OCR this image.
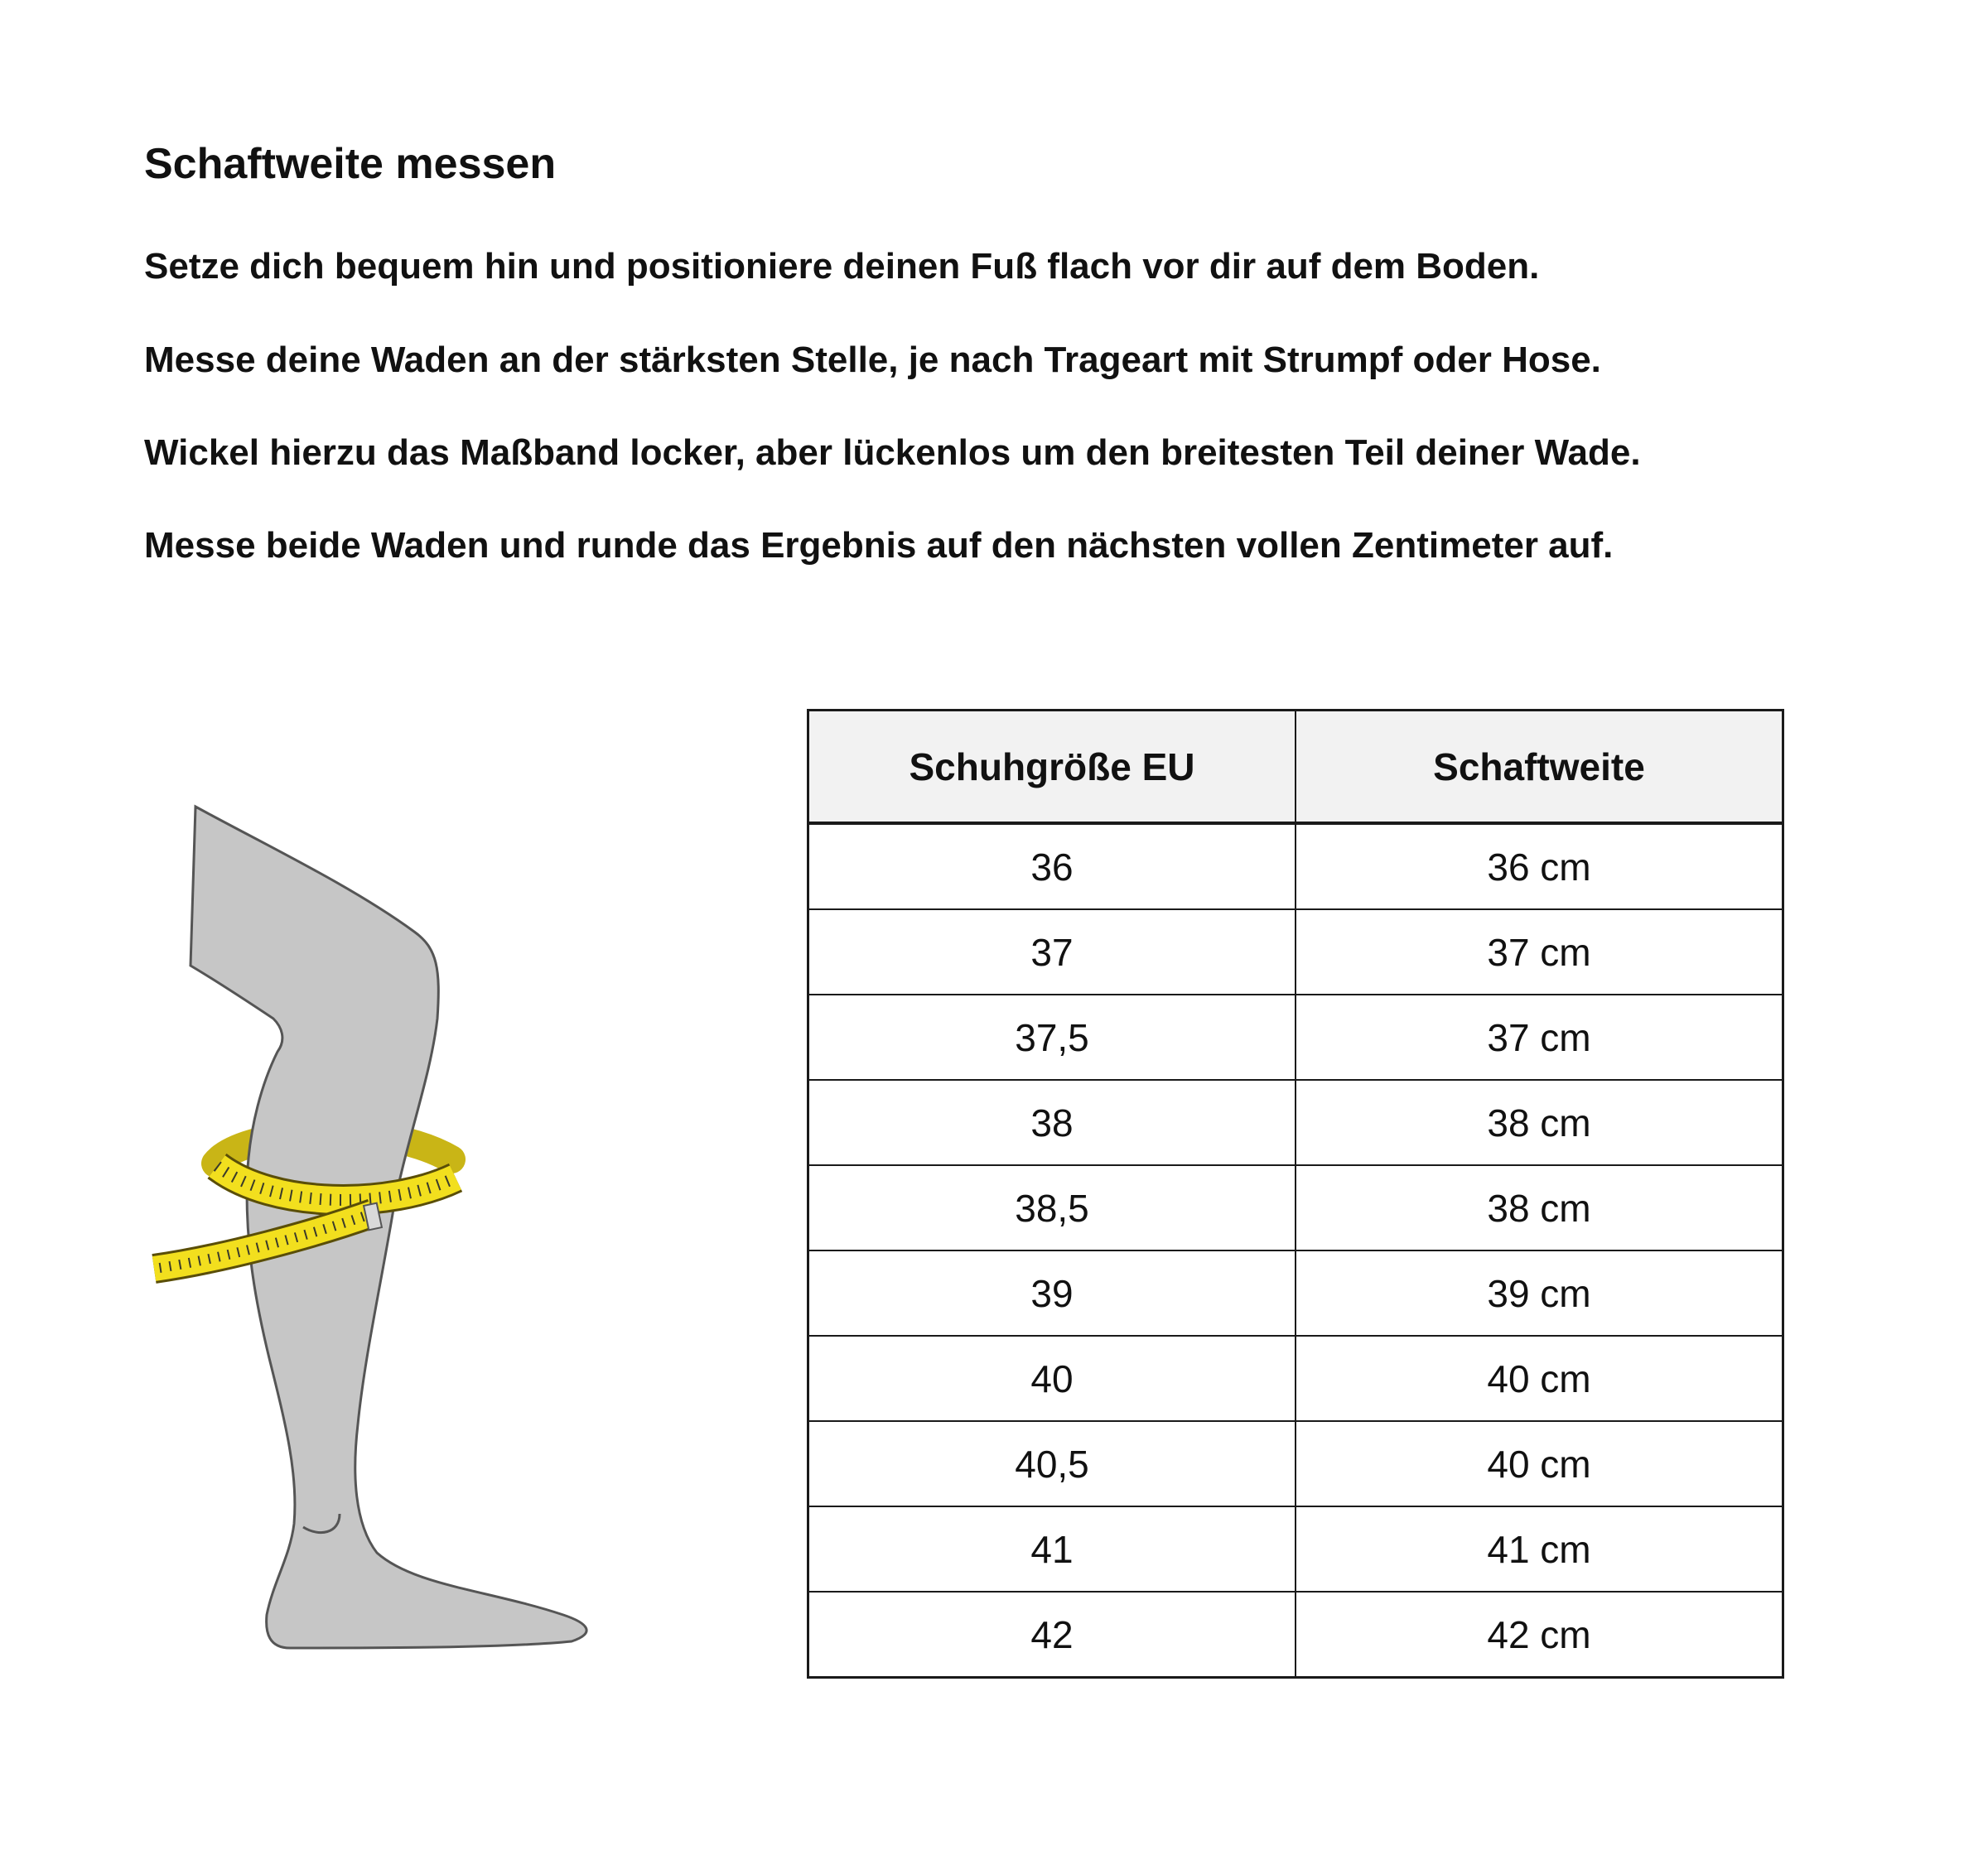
Schaftweite messen

Setze dich bequem hin und positioniere deinen Fuß flach vor dir auf dem Boden.

Messe deine Waden an der stärksten Stelle, je nach Trageart mit Strumpf oder Hose.

Wickel hierzu das Maßband locker, aber lückenlos um den breitesten Teil deiner Wade.

Messe beide Waden und runde das Ergebnis auf den nächsten vollen Zentimeter auf.

Schuhgröße EU	Schaftweite
36	36 cm
37	37 cm
37,5	37 cm
38	38 cm
38,5	38 cm
39	39 cm
40	40 cm
40,5	40 cm
41	41 cm
42	42 cm
